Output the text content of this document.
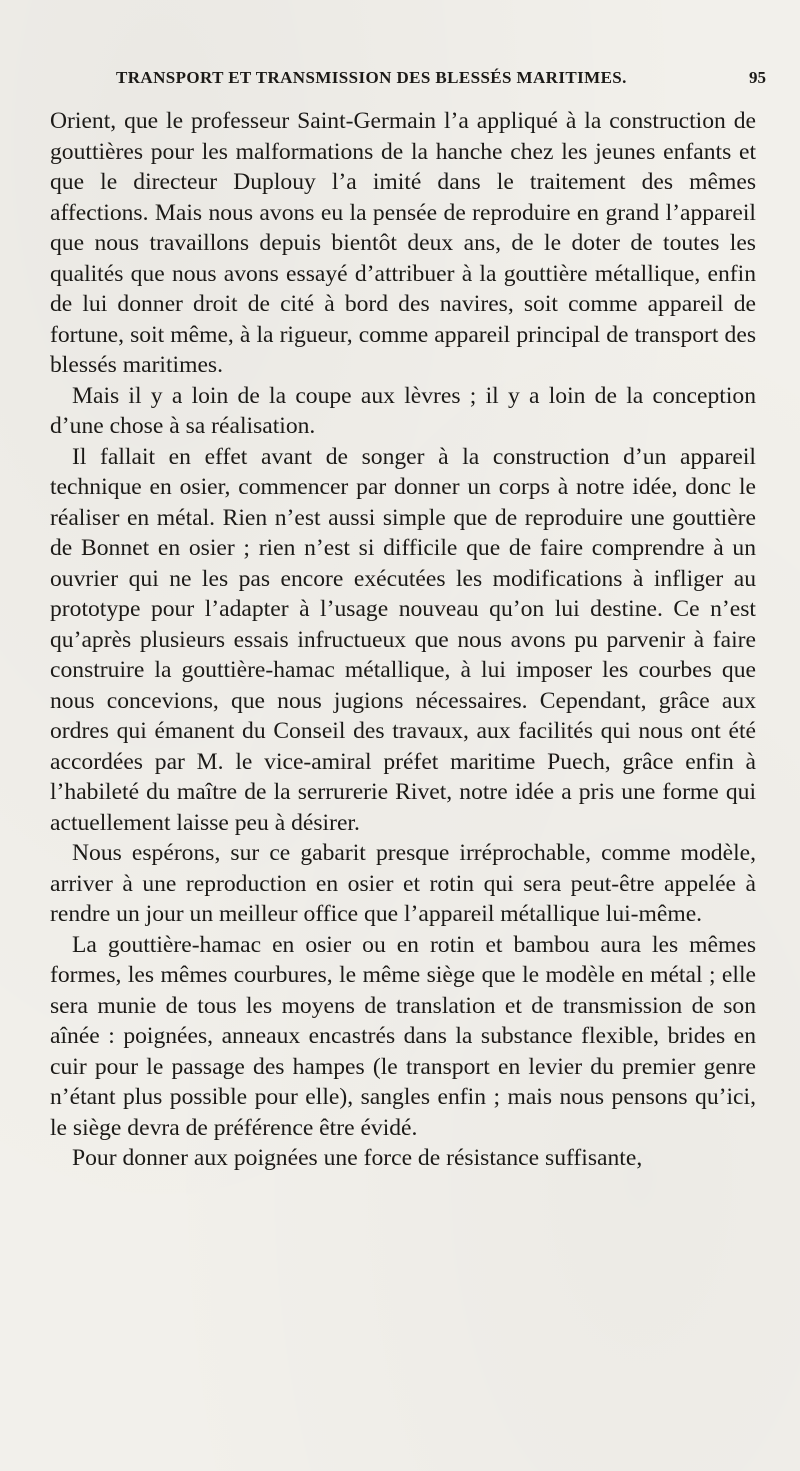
TRANSPORT ET TRANSMISSION DES BLESSÉS MARITIMES.	95

Orient, que le professeur Saint-Germain l’a appliqué à la construction de gouttières pour les malformations de la hanche chez les jeunes enfants et que le directeur Duplouy l’a imité dans le traitement des mêmes affections. Mais nous avons eu la pensée de reproduire en grand l’appareil que nous travaillons depuis bientôt deux ans, de le doter de toutes les qualités que nous avons essayé d’attribuer à la gouttière métallique, enfin de lui donner droit de cité à bord des navires, soit comme appareil de fortune, soit même, à la rigueur, comme appareil principal de transport des blessés maritimes.

Mais il y a loin de la coupe aux lèvres ; il y a loin de la conception d’une chose à sa réalisation.

Il fallait en effet avant de songer à la construction d’un appareil technique en osier, commencer par donner un corps à notre idée, donc le réaliser en métal. Rien n’est aussi simple que de reproduire une gouttière de Bonnet en osier ; rien n’est si difficile que de faire comprendre à un ouvrier qui ne les pas encore exécutées les modifications à infliger au prototype pour l’adapter à l’usage nouveau qu’on lui destine. Ce n’est qu’après plusieurs essais infructueux que nous avons pu parvenir à faire construire la gouttière-hamac métallique, à lui imposer les courbes que nous concevions, que nous jugions nécessaires. Cependant, grâce aux ordres qui émanent du Conseil des travaux, aux facilités qui nous ont été accordées par M. le vice-amiral préfet maritime Puech, grâce enfin à l’habileté du maître de la serrurerie Rivet, notre idée a pris une forme qui actuellement laisse peu à désirer.

Nous espérons, sur ce gabarit presque irréprochable, comme modèle, arriver à une reproduction en osier et rotin qui sera peut-être appelée à rendre un jour un meilleur office que l’appareil métallique lui-même.

La gouttière-hamac en osier ou en rotin et bambou aura les mêmes formes, les mêmes courbures, le même siège que le modèle en métal ; elle sera munie de tous les moyens de translation et de transmission de son aînée : poignées, anneaux encastrés dans la substance flexible, brides en cuir pour le passage des hampes (le transport en levier du premier genre n’étant plus possible pour elle), sangles enfin ; mais nous pensons qu’ici, le siège devra de préférence être évidé.

Pour donner aux poignées une force de résistance suffisante,
